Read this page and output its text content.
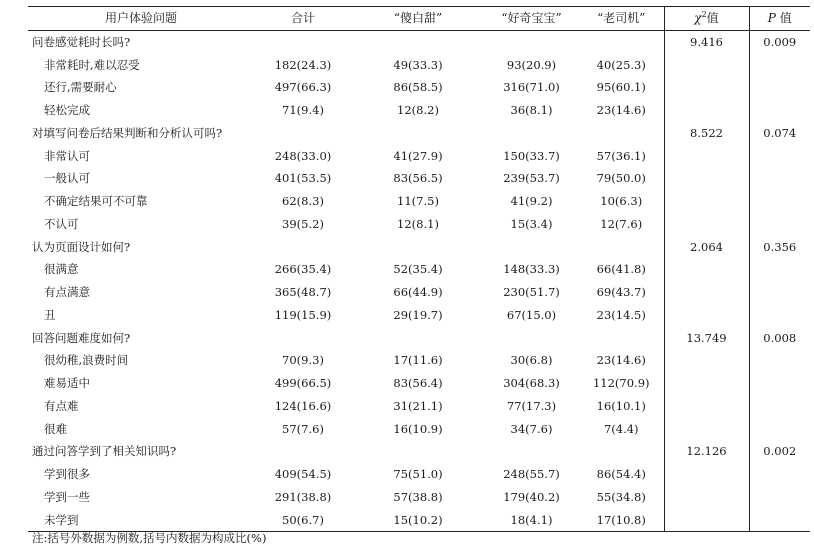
用户体验问题	合计	“傻白甜”	“好奇宝宝”	“老司机”	$\chi^2$值	P 值
问卷感觉耗时长吗?					9.416	0.009
非常耗时,难以忍受	182(24.3)	49(33.3)	93(20.9)	40(25.3)		
还行,需要耐心	497(66.3)	86(58.5)	316(71.0)	95(60.1)		
轻松完成	71(9.4)	12(8.2)	36(8.1)	23(14.6)		
对填写问卷后结果判断和分析认可吗?					8.522	0.074
非常认可	248(33.0)	41(27.9)	150(33.7)	57(36.1)		
一般认可	401(53.5)	83(56.5)	239(53.7)	79(50.0)		
不确定结果可不可靠	62(8.3)	11(7.5)	41(9.2)	10(6.3)		
不认可	39(5.2)	12(8.1)	15(3.4)	12(7.6)		
认为页面设计如何?					2.064	0.356
很满意	266(35.4)	52(35.4)	148(33.3)	66(41.8)		
有点满意	365(48.7)	66(44.9)	230(51.7)	69(43.7)		
丑	119(15.9)	29(19.7)	67(15.0)	23(14.5)		
回答问题难度如何?					13.749	0.008
很幼稚,浪费时间	70(9.3)	17(11.6)	30(6.8)	23(14.6)		
难易适中	499(66.5)	83(56.4)	304(68.3)	112(70.9)		
有点难	124(16.6)	31(21.1)	77(17.3)	16(10.1)		
很难	57(7.6)	16(10.9)	34(7.6)	7(4.4)		
通过问答学到了相关知识吗?					12.126	0.002
学到很多	409(54.5)	75(51.0)	248(55.7)	86(54.4)		
学到一些	291(38.8)	57(38.8)	179(40.2)	55(34.8)		
未学到	50(6.7)	15(10.2)	18(4.1)	17(10.8)		
注:括号外数据为例数,括号内数据为构成比(%)
